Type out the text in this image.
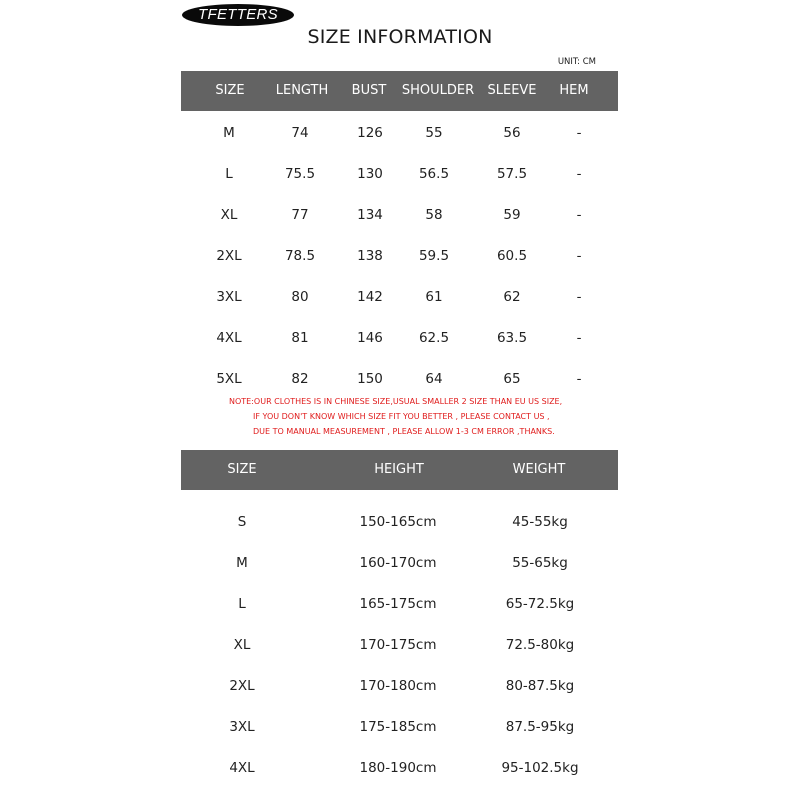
TFETTERS
SIZE INFORMATION
UNIT: CM
SIZE LENGTH BUST SHOULDER SLEEVE HEM
M	74	126	55	56	-
L	75.5	130	56.5	57.5	-
XL	77	134	58	59	-
2XL	78.5	138	59.5	60.5	-
3XL	80	142	61	62	-
4XL	81	146	62.5	63.5	-
5XL	82	150	64	65	-
NOTE:OUR CLOTHES IS IN CHINESE SIZE,USUAL SMALLER 2 SIZE THAN EU US SIZE,
IF YOU DON'T KNOW WHICH SIZE FIT YOU BETTER , PLEASE CONTACT US ,
DUE TO MANUAL MEASUREMENT , PLEASE ALLOW 1-3 CM ERROR ,THANKS.
SIZE	HEIGHT	WEIGHT
S	150-165cm	45-55kg
M	160-170cm	55-65kg
L	165-175cm	65-72.5kg
XL	170-175cm	72.5-80kg
2XL	170-180cm	80-87.5kg
3XL	175-185cm	87.5-95kg
4XL	180-190cm	95-102.5kg
